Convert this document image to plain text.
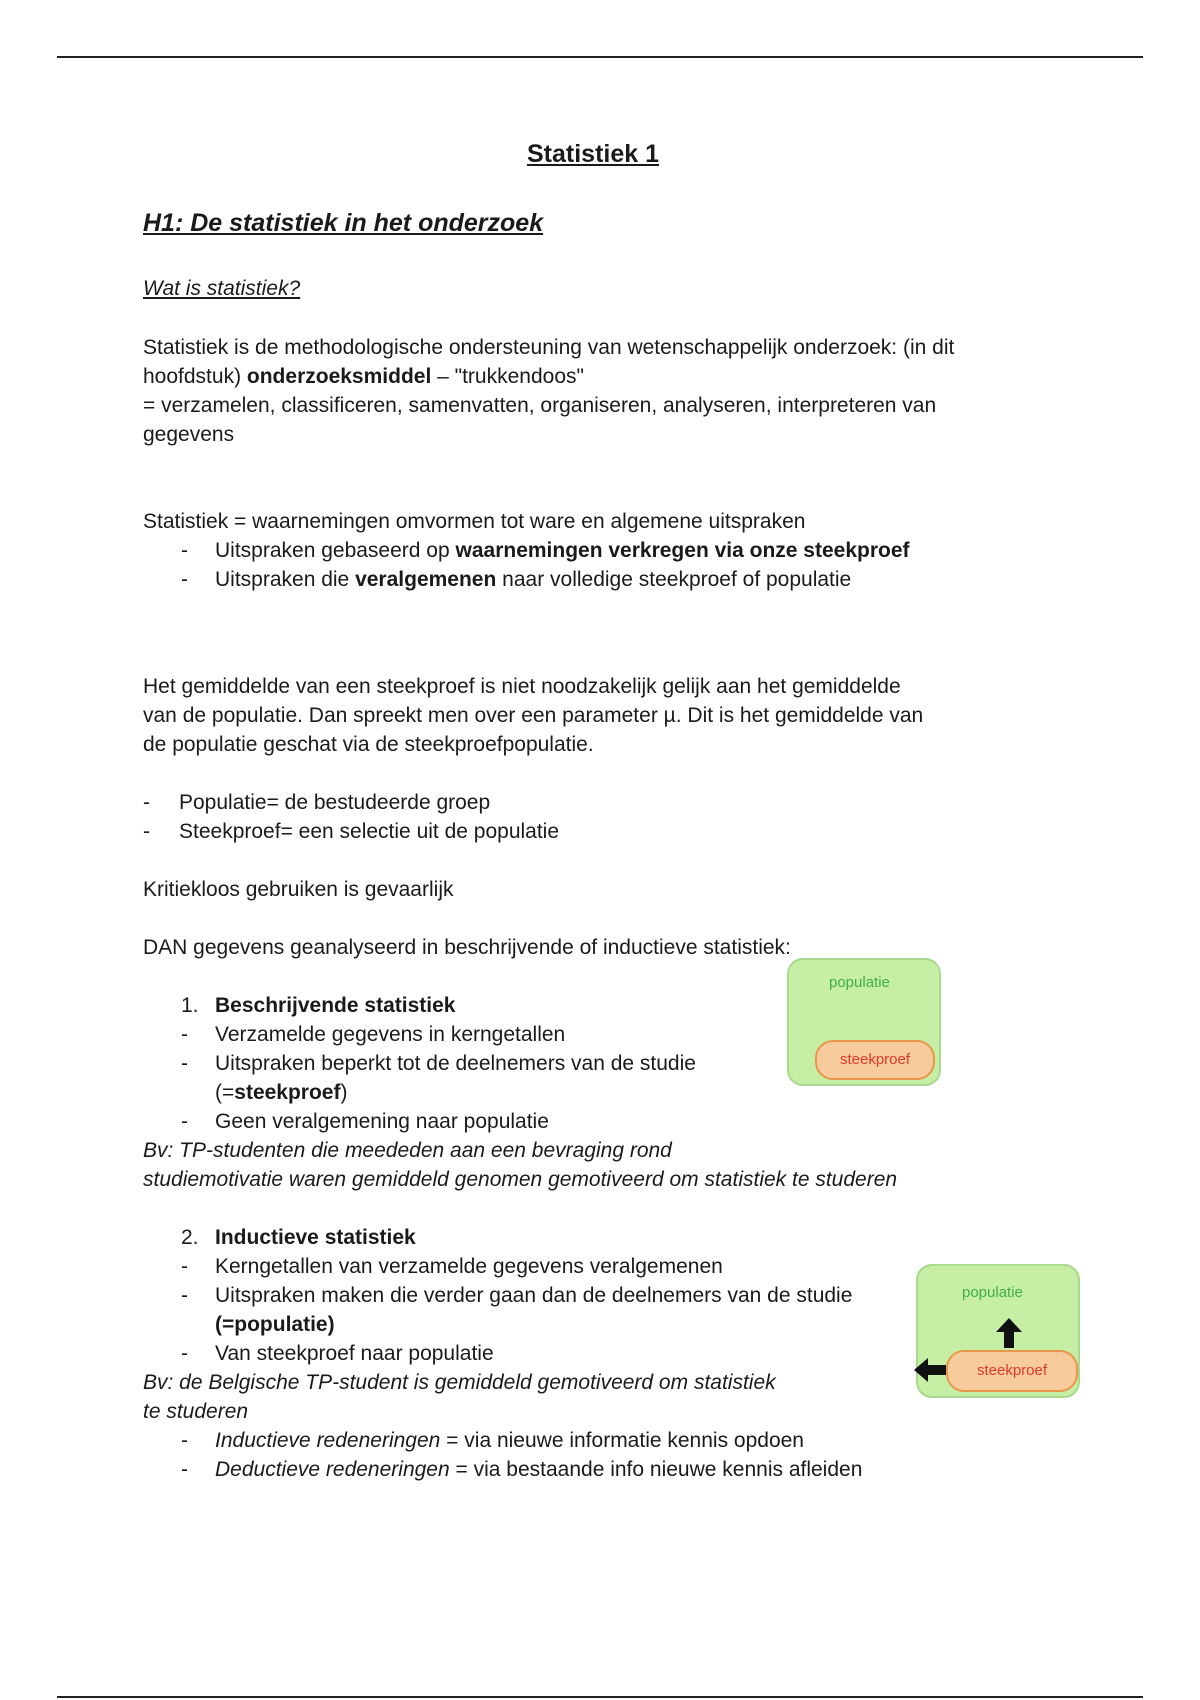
Statistiek 1
H1: De statistiek in het onderzoek
Wat is statistiek?

Statistiek is de methodologische ondersteuning van wetenschappelijk onderzoek: (in dit

hoofdstuk) onderzoeksmiddel – "trukkendoos"

= verzamelen, classificeren, samenvatten, organiseren, analyseren, interpreteren van

gegevens

Statistiek = waarnemingen omvormen tot ware en algemene uitspraken

- Uitspraken gebaseerd op waarnemingen verkregen via onze steekproef

- Uitspraken die veralgemenen naar volledige steekproef of populatie

Het gemiddelde van een steekproef is niet noodzakelijk gelijk aan het gemiddelde

van de populatie. Dan spreekt men over een parameter µ. Dit is het gemiddelde van

de populatie geschat via de steekproefpopulatie.

- Populatie= de bestudeerde groep

- Steekproef= een selectie uit de populatie

Kritiekloos gebruiken is gevaarlijk

DAN gegevens geanalyseerd in beschrijvende of inductieve statistiek:

1. Beschrijvende statistiek

- Verzamelde gegevens in kerngetallen

- Uitspraken beperkt tot de deelnemers van de studie

(=steekproef)

- Geen veralgemening naar populatie

Bv: TP-studenten die meededen aan een bevraging rond

studiemotivatie waren gemiddeld genomen gemotiveerd om statistiek te studeren

2. Inductieve statistiek

- Kerngetallen van verzamelde gegevens veralgemenen

- Uitspraken maken die verder gaan dan de deelnemers van de studie

(=populatie)

- Van steekproef naar populatie

Bv: de Belgische TP-student is gemiddeld gemotiveerd om statistiek

te studeren

- Inductieve redeneringen = via nieuwe informatie kennis opdoen

- Deductieve redeneringen = via bestaande info nieuwe kennis afleiden

populatie
steekproef
populatie
steekproef
